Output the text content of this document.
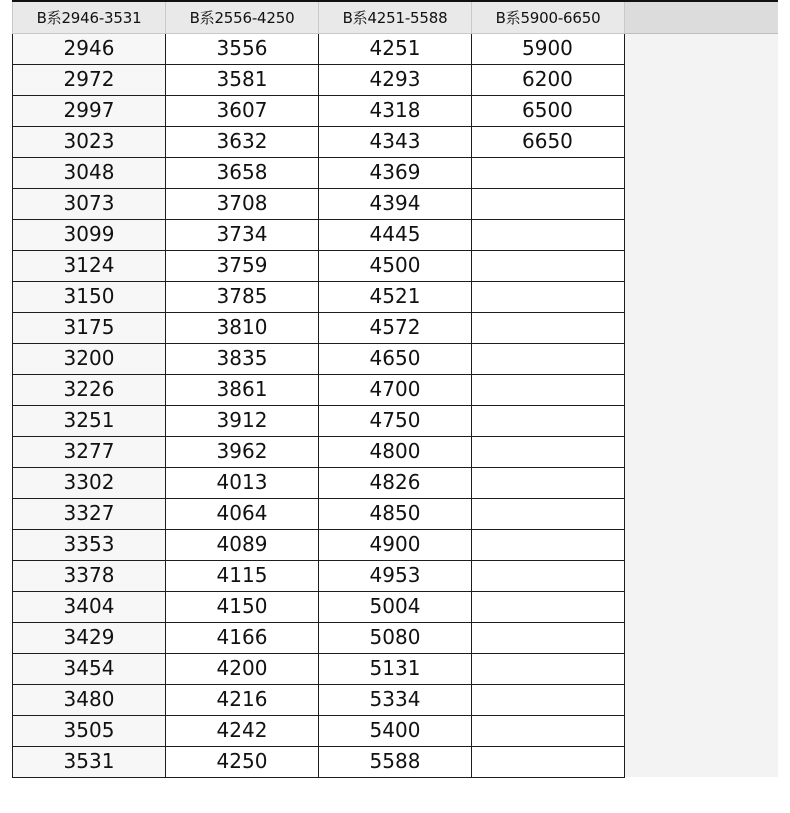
B系2946-3531	B系2556-4250	B系4251-5588	B系5900-6650
2946	3556	4251	5900
2972	3581	4293	6200
2997	3607	4318	6500
3023	3632	4343	6650
3048	3658	4369	
3073	3708	4394	
3099	3734	4445	
3124	3759	4500	
3150	3785	4521	
3175	3810	4572	
3200	3835	4650	
3226	3861	4700	
3251	3912	4750	
3277	3962	4800	
3302	4013	4826	
3327	4064	4850	
3353	4089	4900	
3378	4115	4953	
3404	4150	5004	
3429	4166	5080	
3454	4200	5131	
3480	4216	5334	
3505	4242	5400	
3531	4250	5588	
